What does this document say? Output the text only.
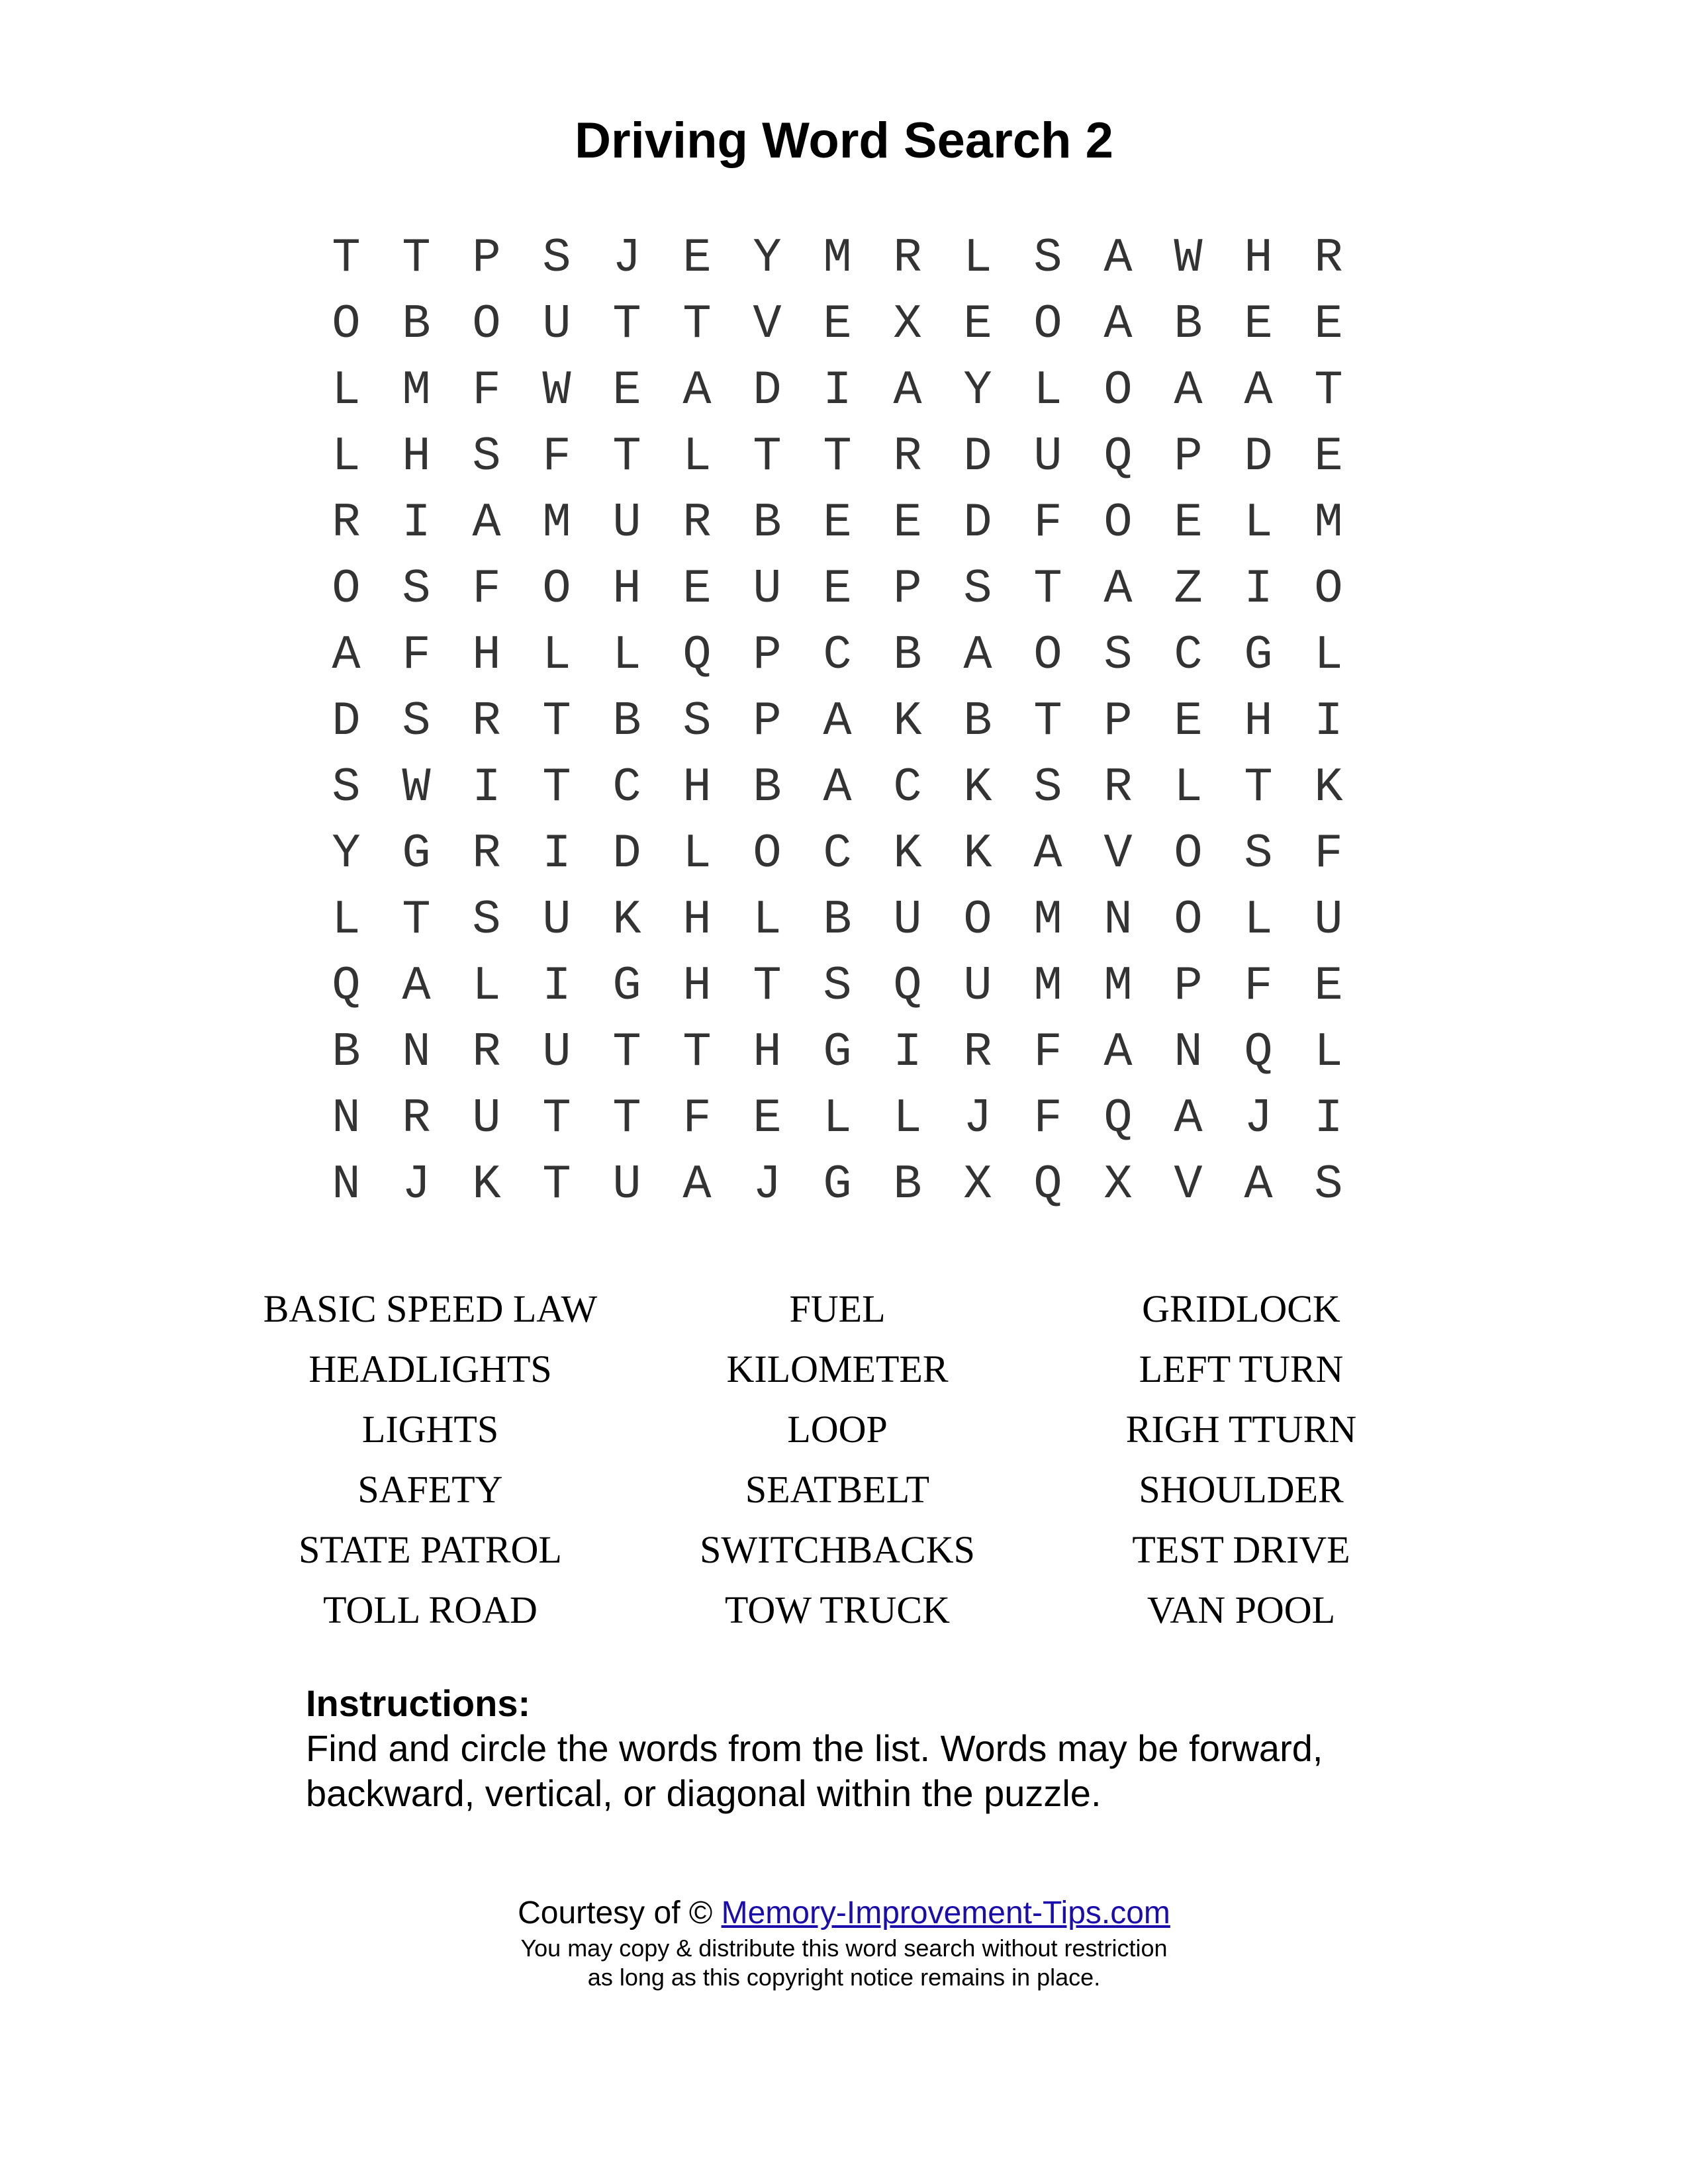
Driving Word Search 2
T T P S J E Y M R L S A W H R
O B O U T T V E X E O A B E E
L M F W E A D I A Y L O A A T
L H S F T L T T R D U Q P D E
R I A M U R B E E D F O E L M
O S F O H E U E P S T A Z I O
A F H L L Q P C B A O S C G L
D S R T B S P A K B T P E H I
S W I T C H B A C K S R L T K
Y G R I D L O C K K A V O S F
L T S U K H L B U O M N O L U
Q A L I G H T S Q U M M P F E
B N R U T T H G I R F A N Q L
N R U T T F E L L J F Q A J I
N J K T U A J G B X Q X V A S
BASIC SPEED LAW	FUEL	GRIDLOCK
HEADLIGHTS	KILOMETER	LEFT TURN
LIGHTS	LOOP	RIGH TTURN
SAFETY	SEATBELT	SHOULDER
STATE PATROL	SWITCHBACKS	TEST DRIVE
TOLL ROAD	TOW TRUCK	VAN POOL
Instructions:
Find and circle the words from the list. Words may be forward, backward, vertical, or diagonal within the puzzle.
Courtesy of © Memory-Improvement-Tips.com
You may copy & distribute this word search without restriction
as long as this copyright notice remains in place.
